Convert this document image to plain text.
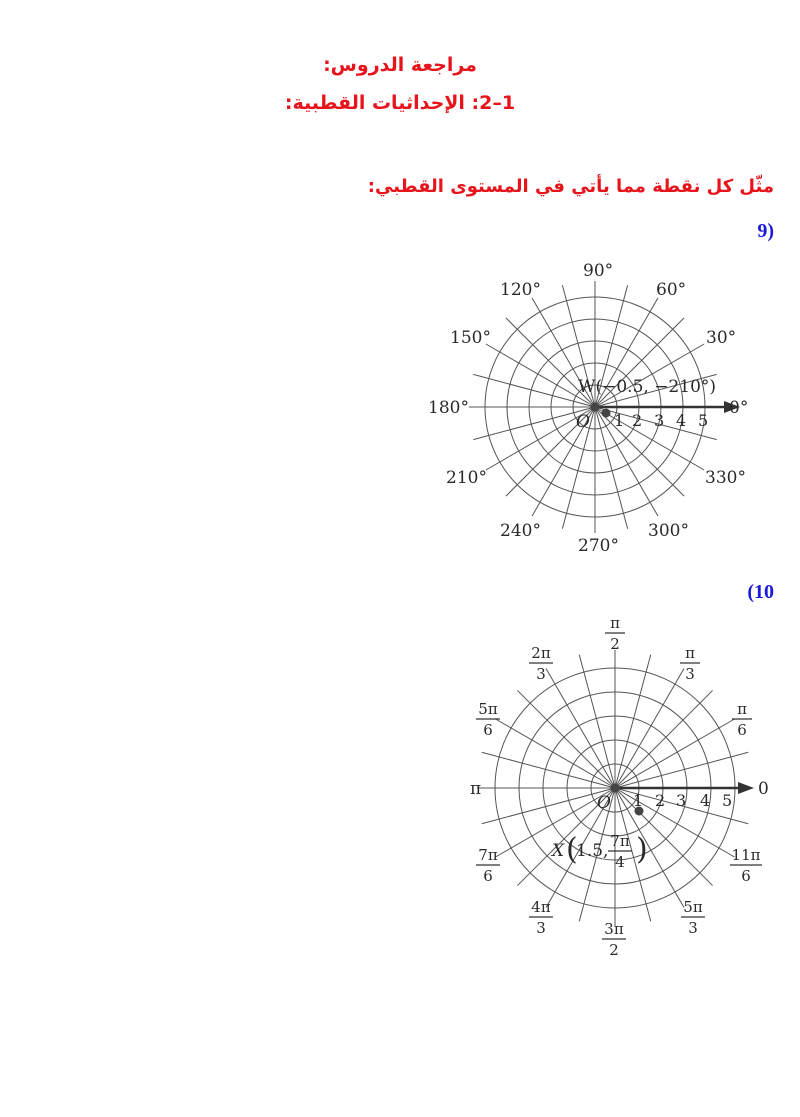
مراجعة الدروس:
1–2: الإحداثيات القطبية:
مثّل كل نقطة مما يأتي في المستوى القطبي:
9)
W(−0.5, −210°)
O 1 2 3 4 5
0°
30°
60°
90°
120°
150°
180°
210°
240°
270°
300°
330°
(10
O 1 2 3 4 5
0
π
X (
1.5, 7π
4 )
π
2	π
3
2π
3
π
6
5π
6
7π
6
11π
6
4π
3
5π
3
3π
2
